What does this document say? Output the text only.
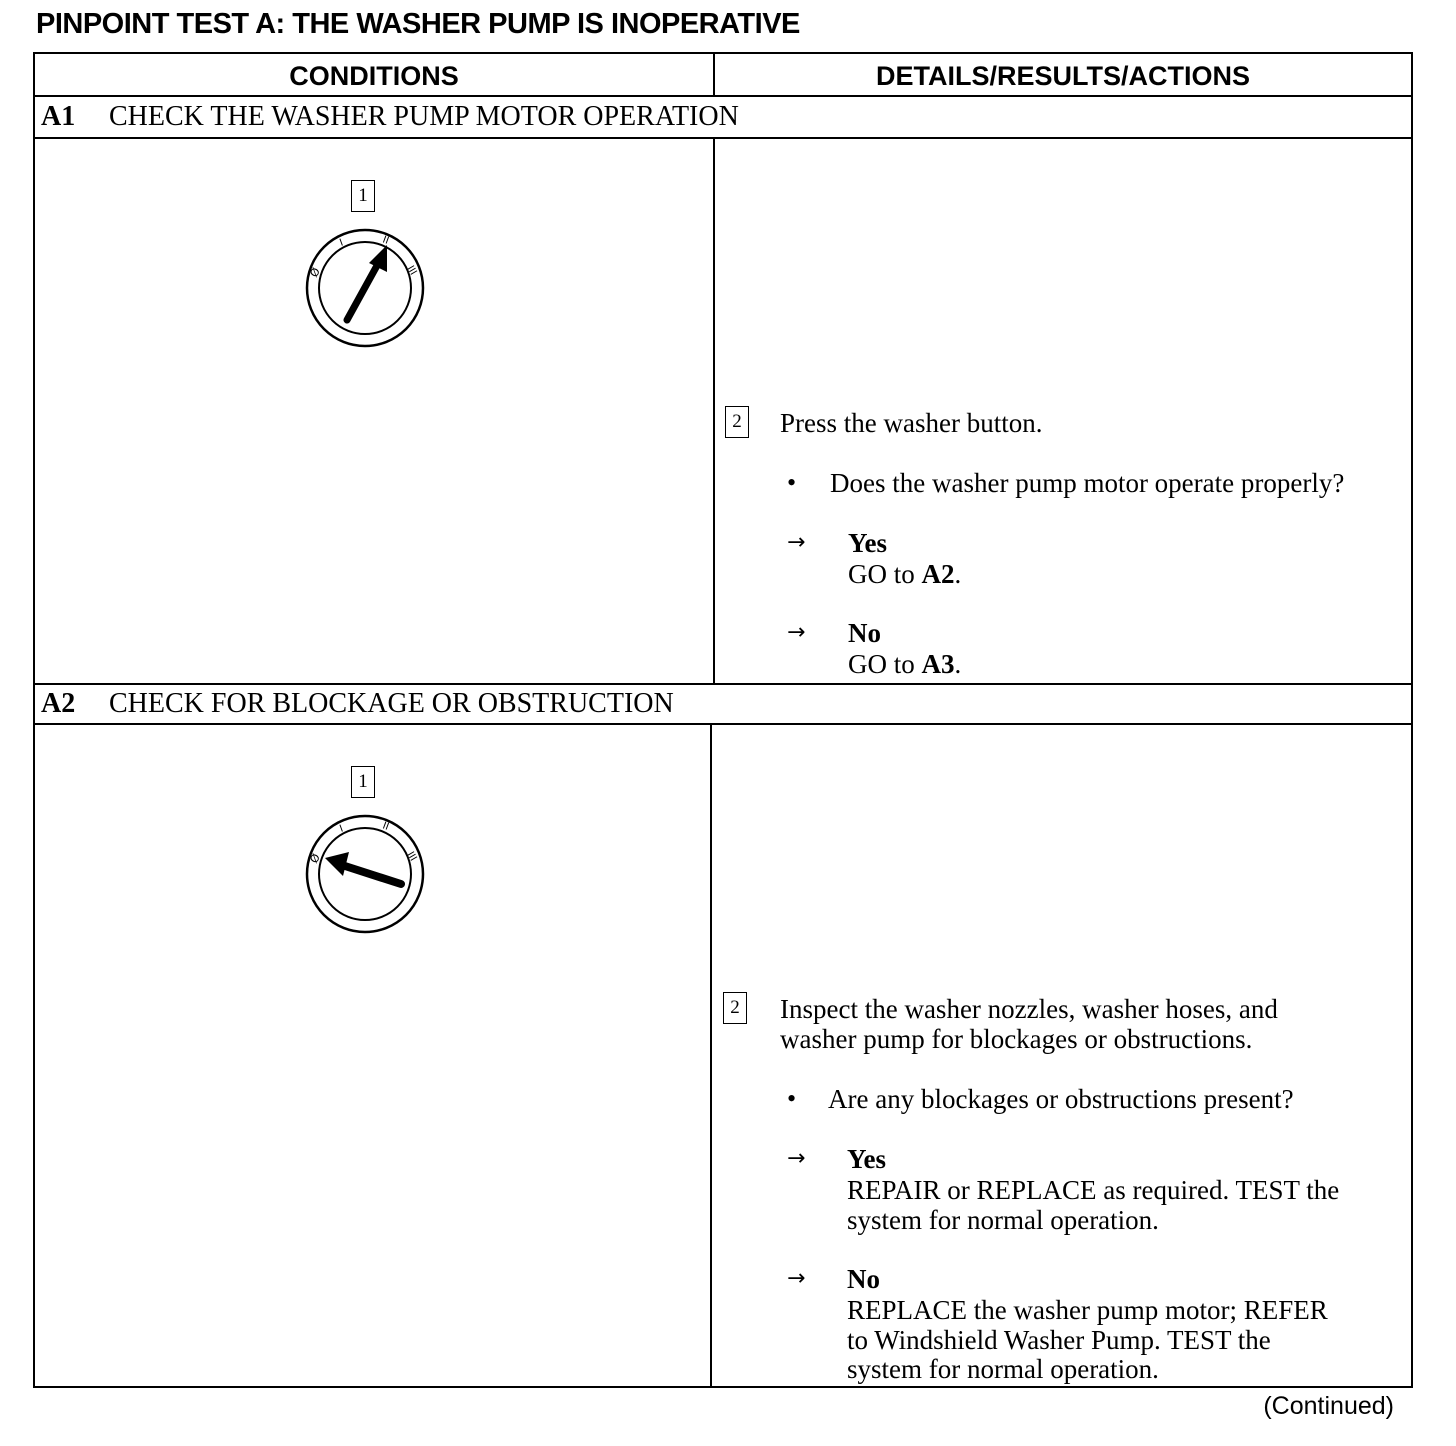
PINPOINT TEST A: THE WASHER PUMP IS INOPERATIVE
CONDITIONS	DETAILS/RESULTS/ACTIONS
A1 CHECK THE WASHER PUMP MOTOR OPERATION
1
Ø
I	II
III
2 Press the washer button.
• Does the washer pump motor operate properly?
→ Yes
GO to A2.
→ No
GO to A3.
A2 CHECK FOR BLOCKAGE OR OBSTRUCTION
1
Ø
I	II
III
2 Inspect the washer nozzles, washer hoses, and
washer pump for blockages or obstructions.
• Are any blockages or obstructions present?
→ Yes
REPAIR or REPLACE as required. TEST the
system for normal operation.
→ No
REPLACE the washer pump motor; REFER
to Windshield Washer Pump. TEST the
system for normal operation.
(Continued)
